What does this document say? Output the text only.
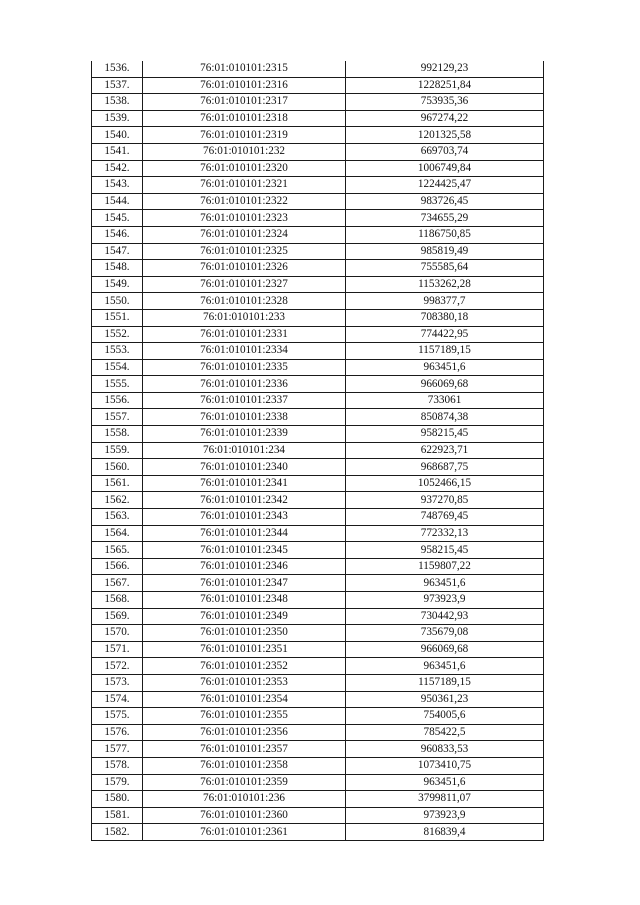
1536.	76:01:010101:2315	992129,23
1537.	76:01:010101:2316	1228251,84
1538.	76:01:010101:2317	753935,36
1539.	76:01:010101:2318	967274,22
1540.	76:01:010101:2319	1201325,58
1541.	76:01:010101:232	669703,74
1542.	76:01:010101:2320	1006749,84
1543.	76:01:010101:2321	1224425,47
1544.	76:01:010101:2322	983726,45
1545.	76:01:010101:2323	734655,29
1546.	76:01:010101:2324	1186750,85
1547.	76:01:010101:2325	985819,49
1548.	76:01:010101:2326	755585,64
1549.	76:01:010101:2327	1153262,28
1550.	76:01:010101:2328	998377,7
1551.	76:01:010101:233	708380,18
1552.	76:01:010101:2331	774422,95
1553.	76:01:010101:2334	1157189,15
1554.	76:01:010101:2335	963451,6
1555.	76:01:010101:2336	966069,68
1556.	76:01:010101:2337	733061
1557.	76:01:010101:2338	850874,38
1558.	76:01:010101:2339	958215,45
1559.	76:01:010101:234	622923,71
1560.	76:01:010101:2340	968687,75
1561.	76:01:010101:2341	1052466,15
1562.	76:01:010101:2342	937270,85
1563.	76:01:010101:2343	748769,45
1564.	76:01:010101:2344	772332,13
1565.	76:01:010101:2345	958215,45
1566.	76:01:010101:2346	1159807,22
1567.	76:01:010101:2347	963451,6
1568.	76:01:010101:2348	973923,9
1569.	76:01:010101:2349	730442,93
1570.	76:01:010101:2350	735679,08
1571.	76:01:010101:2351	966069,68
1572.	76:01:010101:2352	963451,6
1573.	76:01:010101:2353	1157189,15
1574.	76:01:010101:2354	950361,23
1575.	76:01:010101:2355	754005,6
1576.	76:01:010101:2356	785422,5
1577.	76:01:010101:2357	960833,53
1578.	76:01:010101:2358	1073410,75
1579.	76:01:010101:2359	963451,6
1580.	76:01:010101:236	3799811,07
1581.	76:01:010101:2360	973923,9
1582.	76:01:010101:2361	816839,4
